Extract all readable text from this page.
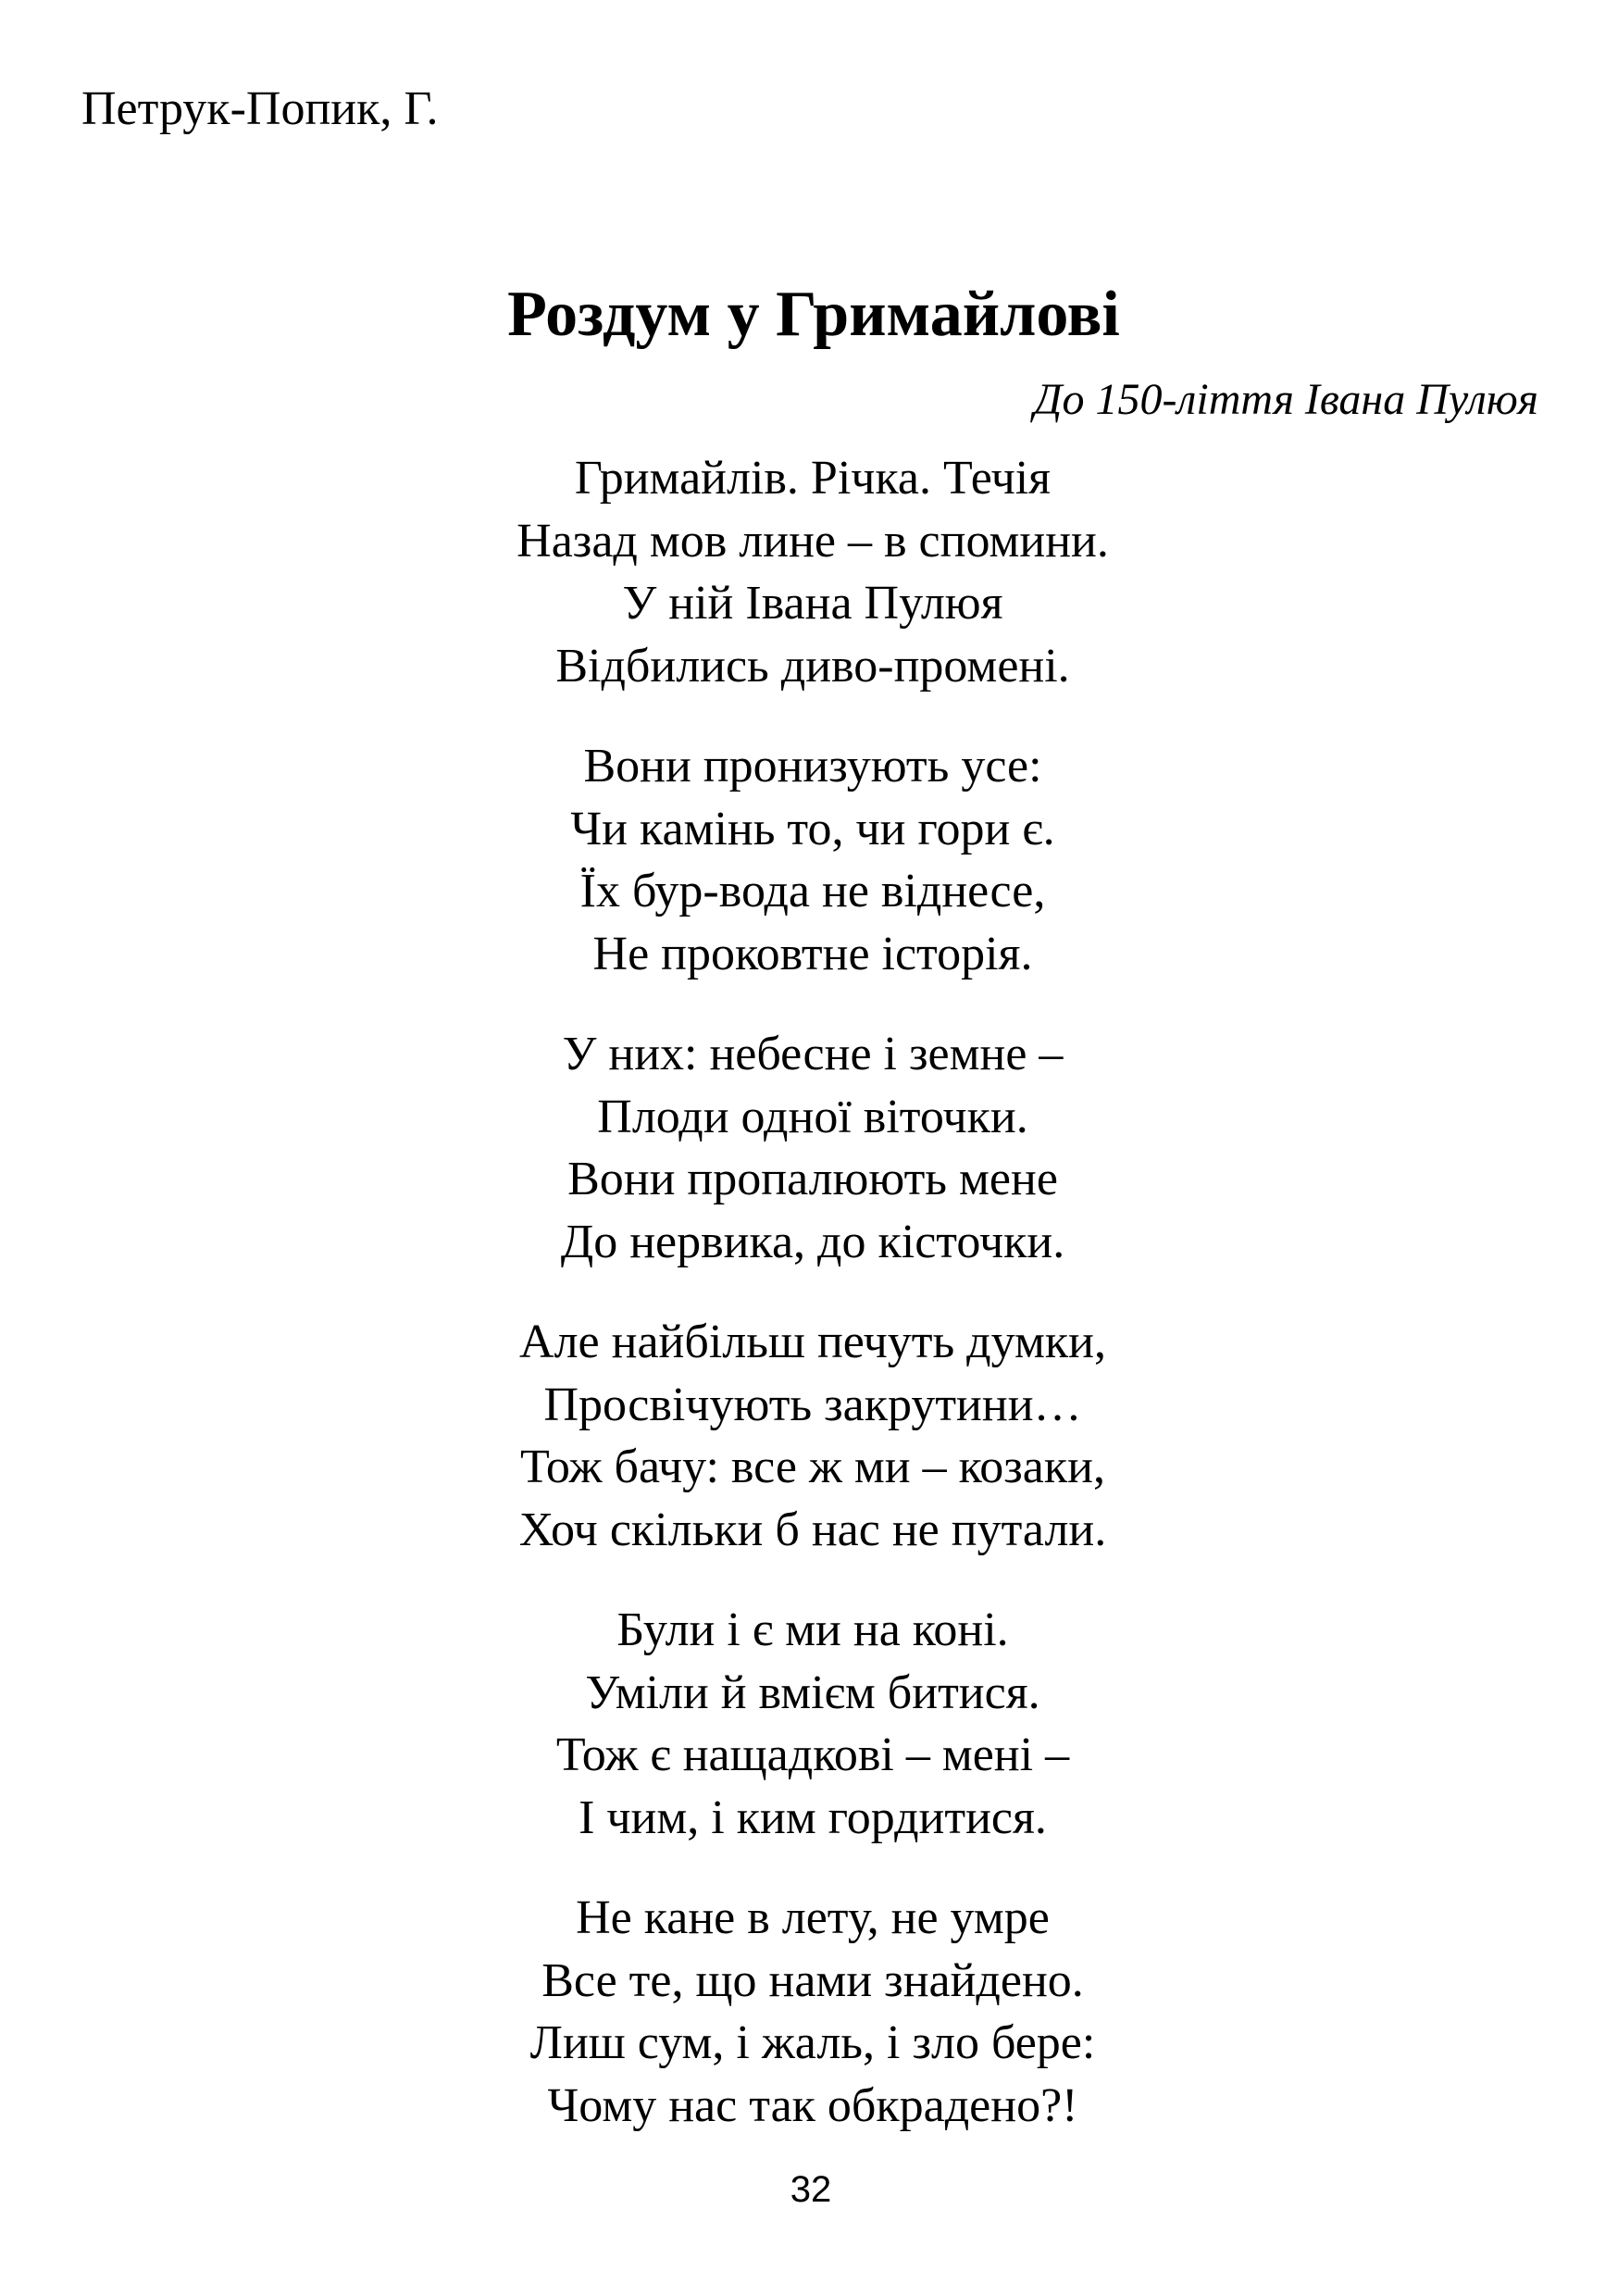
Петрук-Попик, Г.
Роздум у Гримайлові
До 150-ліття Івана Пулюя

Гримайлів. Річка. Течія
Назад мов лине – в спомини.
У ній Івана Пулюя
Відбились диво-промені.

Вони пронизують усе:
Чи камінь то, чи гори є.
Їх бур-вода не віднесе,
Не проковтне історія.

У них: небесне і земне –
Плоди одної віточки.
Вони пропалюють мене
До нервика, до кісточки.

Але найбільш печуть думки,
Просвічують закрутини…
Тож бачу: все ж ми – козаки,
Хоч скільки б нас не путали.

Були і є ми на коні.
Уміли й вмієм битися.
Тож є нащадкові – мені –
І чим, і ким гордитися.

Не кане в лету, не умре
Все те, що нами знайдено.
Лиш сум, і жаль, і зло бере:
Чому нас так обкрадено?!

32
